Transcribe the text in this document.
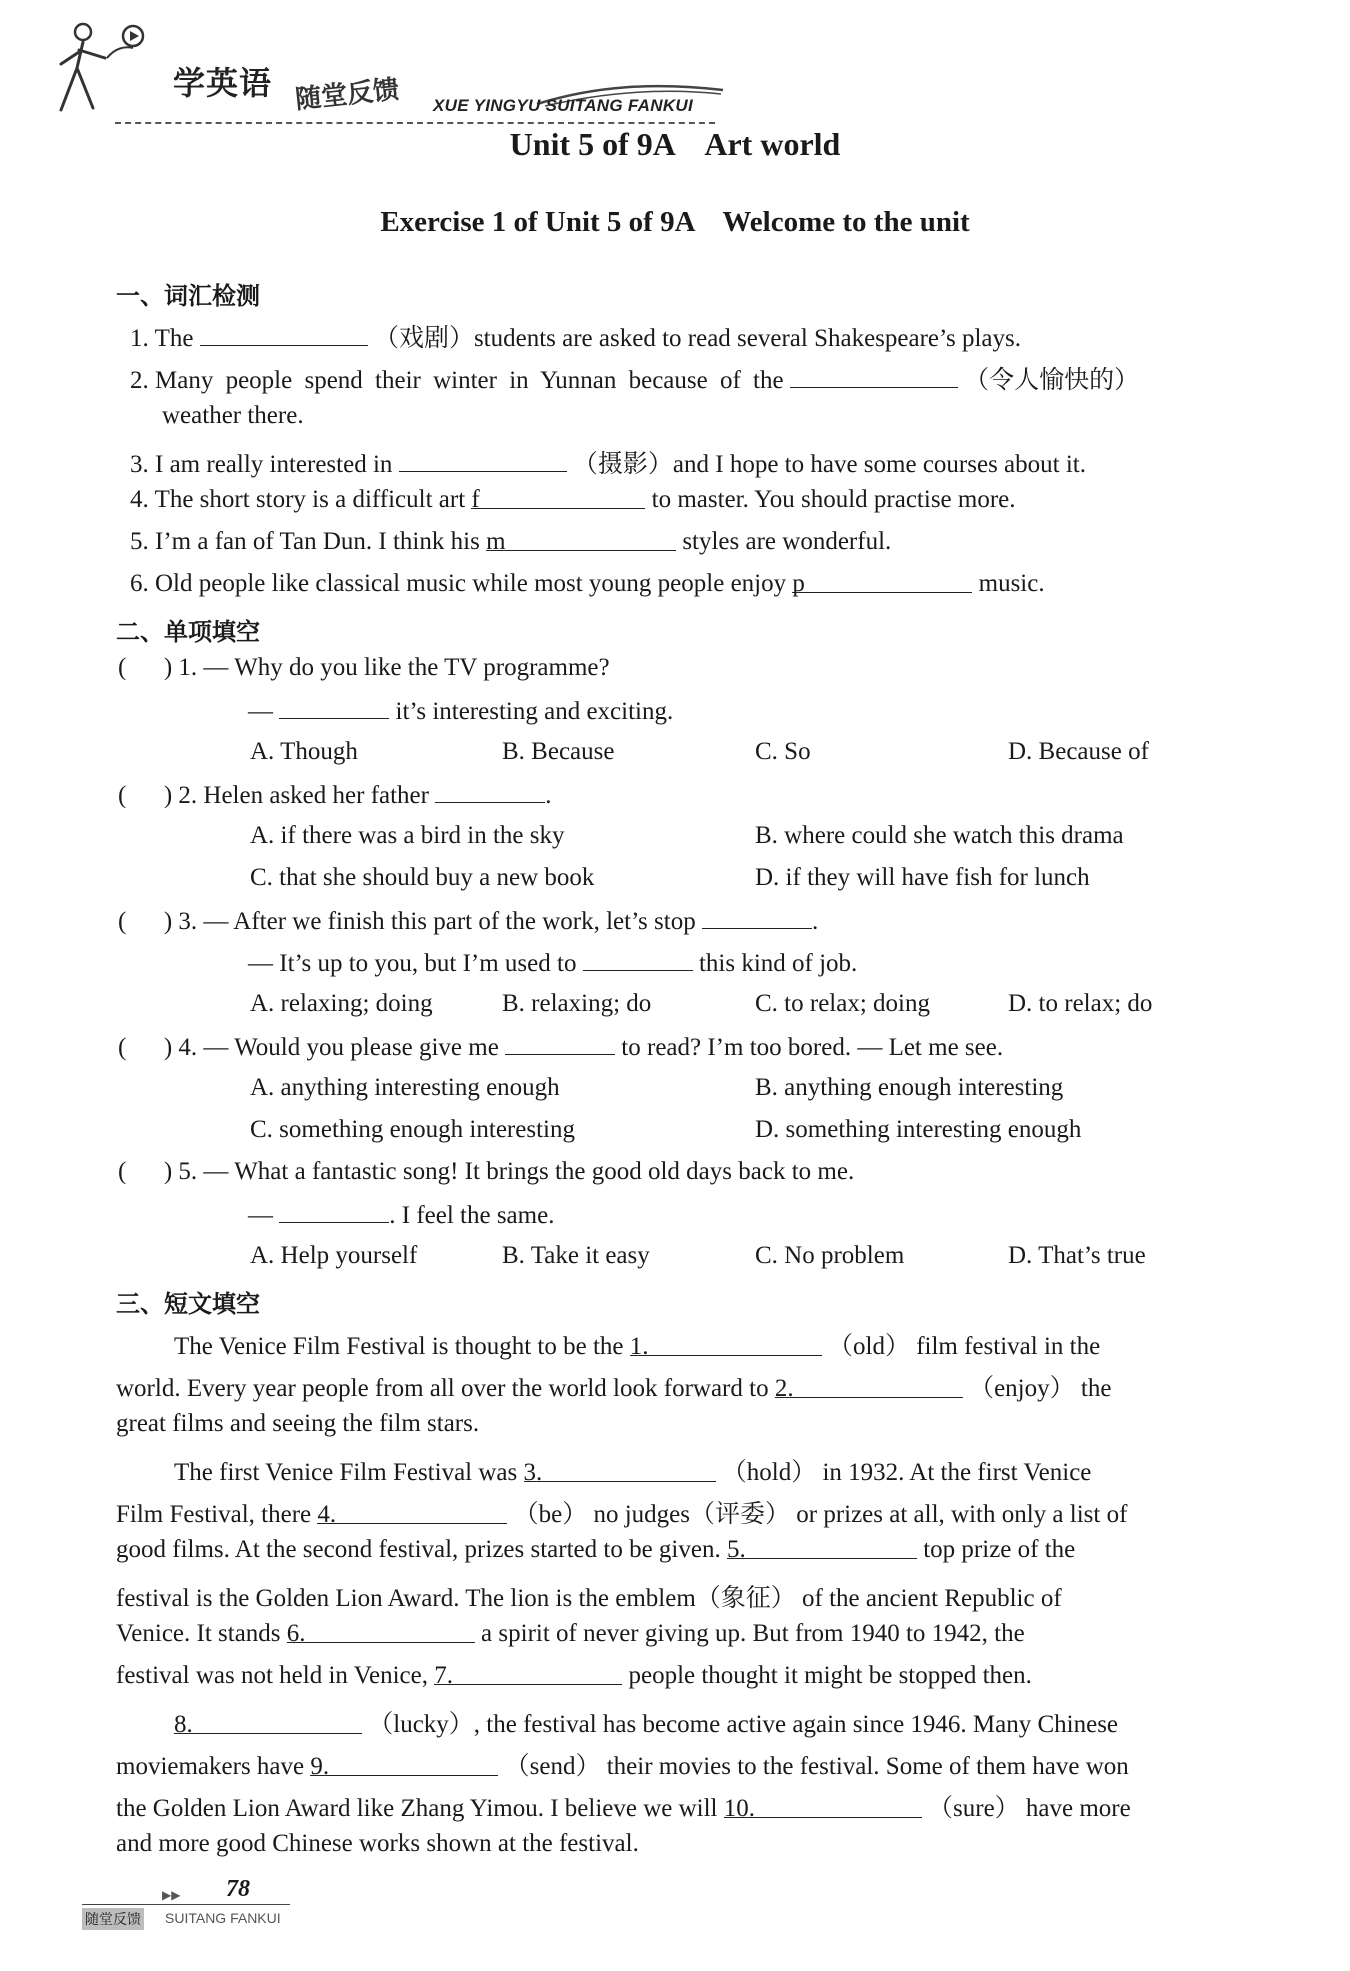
学英语 随堂反馈 XUE YINGYU SUITANG FANKUI
Unit 5 of 9A    Art world
Exercise 1 of Unit 5 of 9A    Welcome to the unit
一、词汇检测
1. The	（戏剧）students are asked to read several Shakespeare’s plays.
2. Many people spend their winter in Yunnan because of the	（令人愉快的）
weather there.
3. I am really interested in	（摄影）and I hope to have some courses about it.
4. The short story is a difficult art f	to master. You should practise more.
5. I’m a fan of Tan Dun. I think his m	styles are wonderful.
6. Old people like classical music while most young people enjoy p	music.
二、单项填空
(      ) 1. — Why do you like the TV programme?
—	it’s interesting and exciting.
A. Though	B. Because	C. So	D. Because of
(      ) 2. Helen asked her father	.
A. if there was a bird in the sky	B. where could she watch this drama
C. that she should buy a new book	D. if they will have fish for lunch
(      ) 3. — After we finish this part of the work, let’s stop	.
— It’s up to you, but I’m used to	this kind of job.
A. relaxing; doing	B. relaxing; do	C. to relax; doing	D. to relax; do
(      ) 4. — Would you please give me	to read? I’m too bored. — Let me see.
A. anything interesting enough	B. anything enough interesting
C. something enough interesting	D. something interesting enough
(      ) 5. — What a fantastic song! It brings the good old days back to me.
—	. I feel the same.
A. Help yourself	B. Take it easy	C. No problem	D. That’s true
三、短文填空
The Venice Film Festival is thought to be the 1.	（old） film festival in the
world. Every year people from all over the world look forward to 2.	（enjoy） the
great films and seeing the film stars.
The first Venice Film Festival was 3.	（hold） in 1932. At the first Venice
Film Festival, there 4.	（be） no judges（评委） or prizes at all, with only a list of
good films. At the second festival, prizes started to be given. 5.	top prize of the
festival is the Golden Lion Award. The lion is the emblem（象征） of the ancient Republic of
Venice. It stands 6.	a spirit of never giving up. But from 1940 to 1942, the
festival was not held in Venice, 7.	people thought it might be stopped then.
8.	（lucky）, the festival has become active again since 1946. Many Chinese
moviemakers have 9.	（send） their movies to the festival. Some of them have won
the Golden Lion Award like Zhang Yimou. I believe we will 10.	（sure） have more
and more good Chinese works shown at the festival.
▶▶ 78
随堂反馈 SUITANG FANKUI
